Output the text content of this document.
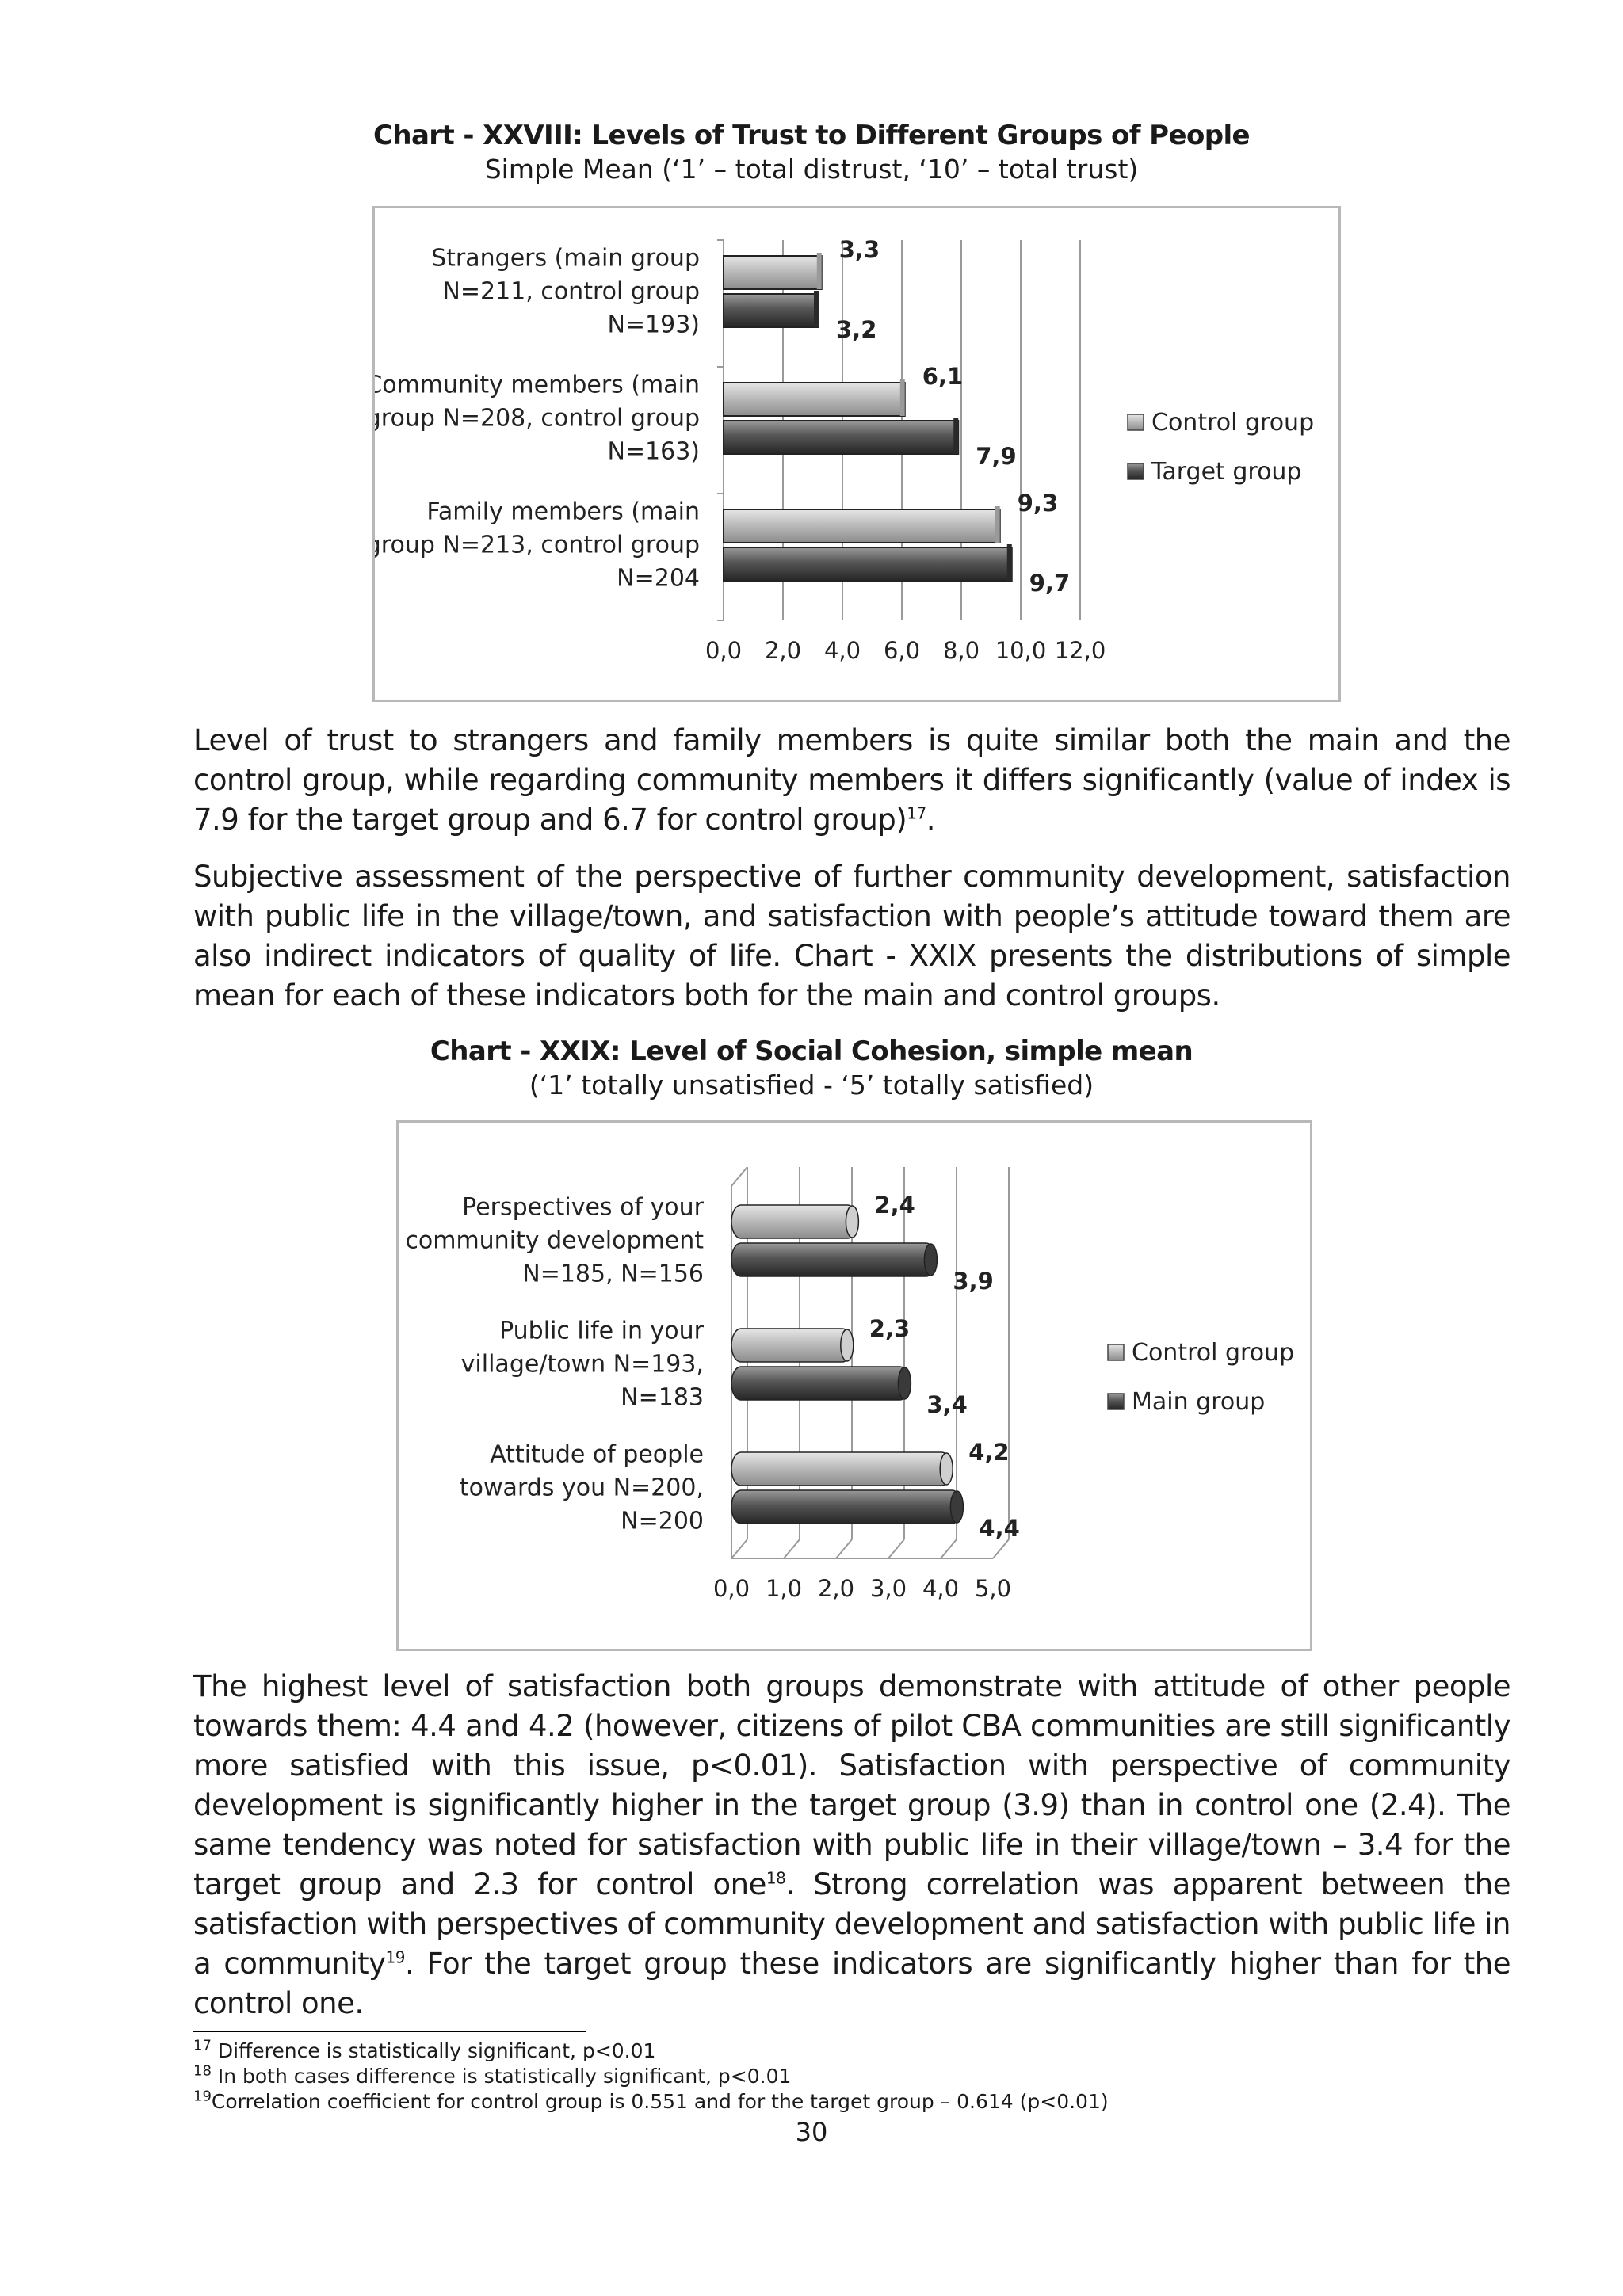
Chart - XXVIII: Levels of Trust to Different Groups of People
Simple Mean (‘1’ – total distrust, ‘10’ – total trust)
0,0 2,0 4,0 6,0 8,0 10,0 12,0
Strangers (main group
N=211, control group
N=193)
3,3
3,2
Community members (main
group N=208, control group
N=163)
6,1
7,9
Family members (main
group N=213, control group
N=204
9,3
9,7
Control group
Target group

Level of trust to strangers and family members is quite similar both the main and the control group, while regarding community members it differs significantly (value of index is 7.9 for the target group and 6.7 for control group)$^{17}$.

Subjective assessment of the perspective of further community development, satisfaction with public life in the village/town, and satisfaction with people’s attitude toward them are also indirect indicators of quality of life. Chart - XXIX presents the distributions of simple mean for each of these indicators both for the main and control groups.

Chart - XXIX: Level of Social Cohesion, simple mean
(‘1’ totally unsatisfied - ‘5’ totally satisfied)
0,0 1,0 2,0 3,0 4,0 5,0
Perspectives of your
community development
N=185, N=156
2,4
3,9
Public life in your
village/town N=193,
N=183
2,3
3,4
Attitude of people
towards you N=200,
N=200
4,2
4,4
Control group
Main group

The highest level of satisfaction both groups demonstrate with attitude of other people towards them: 4.4 and 4.2 (however, citizens of pilot CBA communities are still significantly more satisfied with this issue, p<0.01). Satisfaction with perspective of community development is significantly higher in the target group (3.9) than in control one (2.4). The same tendency was noted for satisfaction with public life in their village/town – 3.4 for the target group and 2.3 for control one$^{18}$. Strong correlation was apparent between the satisfaction with perspectives of community development and satisfaction with public life in a community$^{19}$. For the target group these indicators are significantly higher than for the control one.

$^{17}$ Difference is statistically significant, p<0.01
$^{18}$ In both cases difference is statistically significant, p<0.01
$^{19}$Correlation coefficient for control group is 0.551 and for the target group – 0.614 (p<0.01)
30
